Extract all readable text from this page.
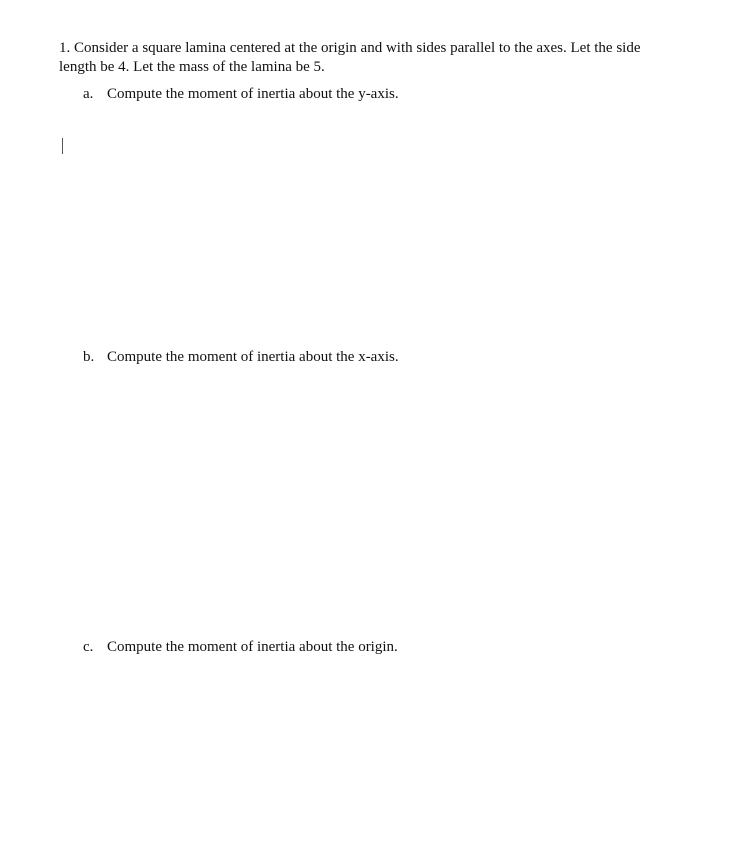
1. Consider a square lamina centered at the origin and with sides parallel to the axes. Let the side length be 4. Let the mass of the lamina be 5.

a. Compute the moment of inertia about the y-axis.
b. Compute the moment of inertia about the x-axis.
c. Compute the moment of inertia about the origin.
